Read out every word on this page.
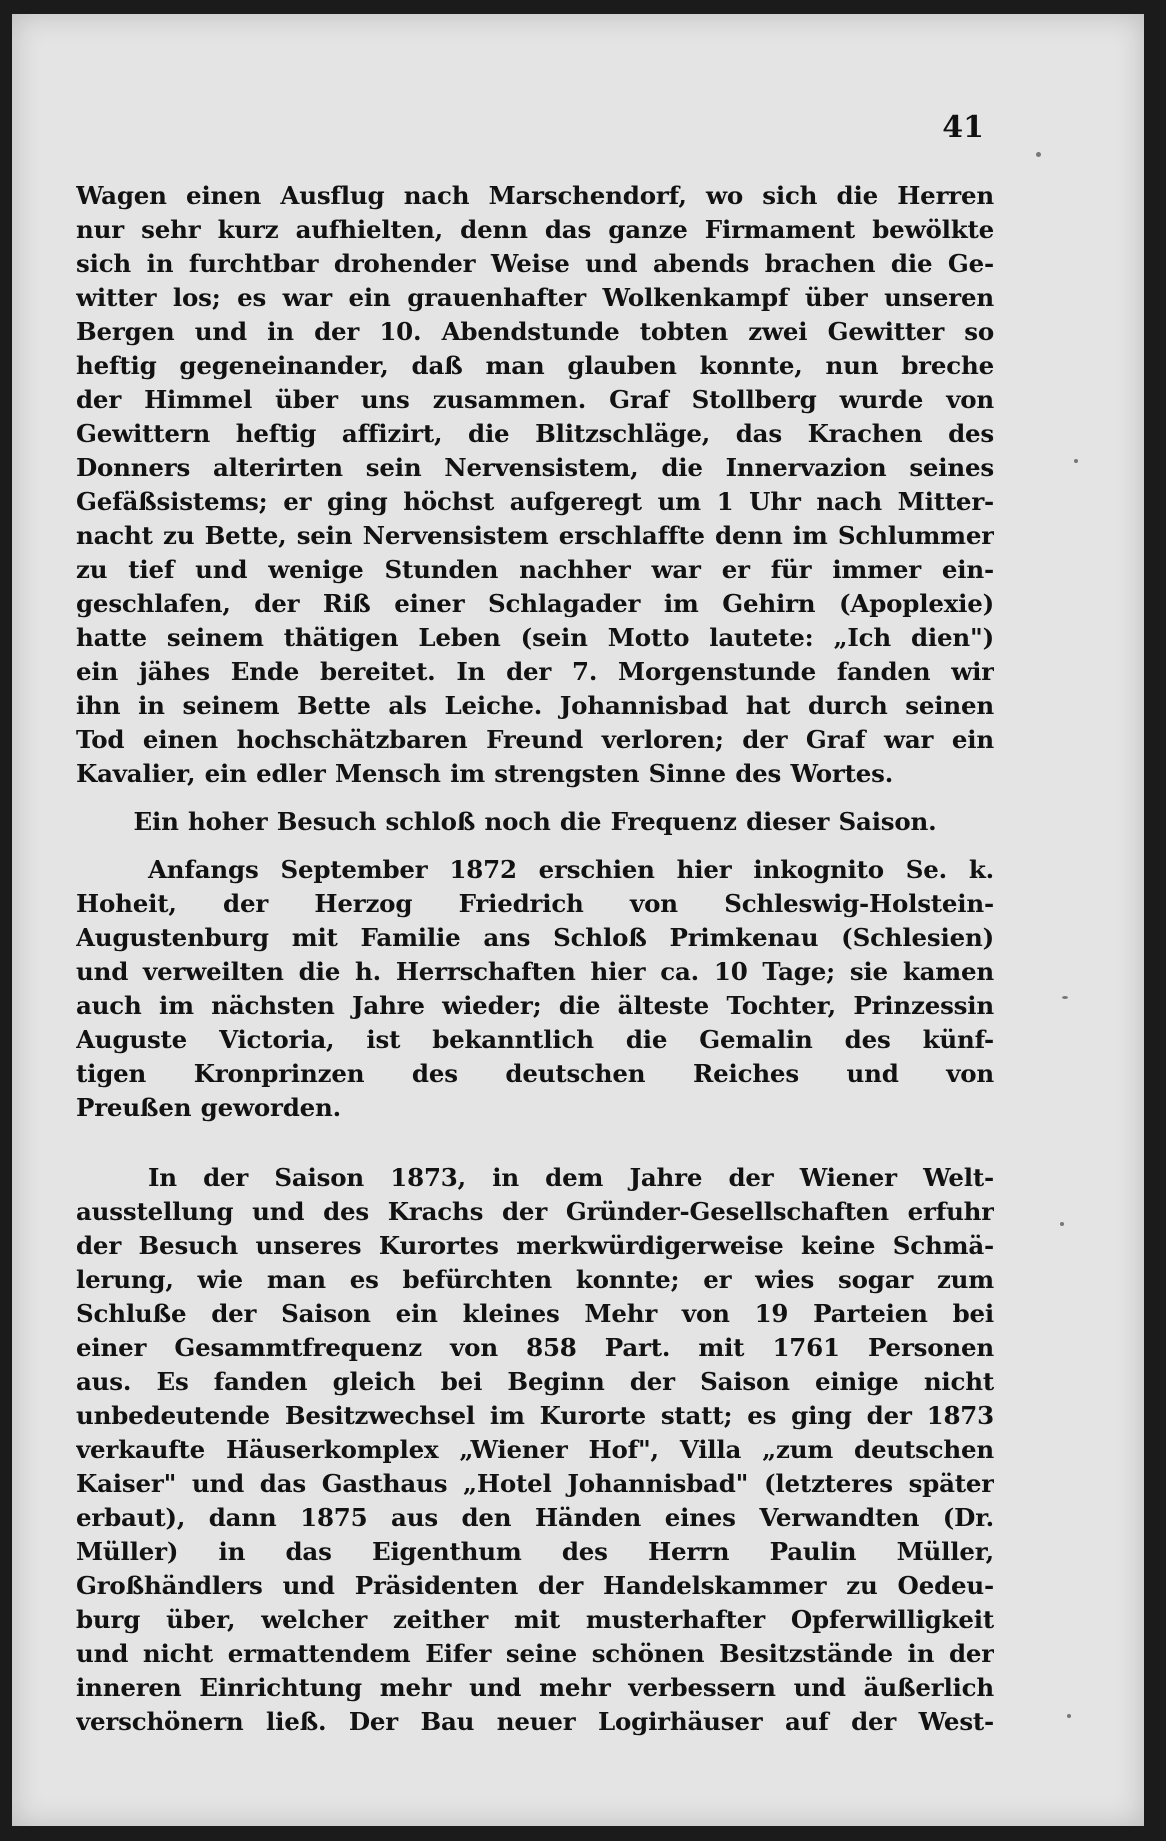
41
Wagen einen Ausflug nach Marschendorf, wo sich die Herren
nur sehr kurz aufhielten, denn das ganze Firmament bewölkte
sich in furchtbar drohender Weise und abends brachen die Ge-
witter los; es war ein grauenhafter Wolkenkampf über unseren
Bergen und in der 10. Abendstunde tobten zwei Gewitter so
heftig gegeneinander, daß man glauben konnte, nun breche
der Himmel über uns zusammen. Graf Stollberg wurde von
Gewittern heftig affizirt, die Blitzschläge, das Krachen des
Donners alterirten sein Nervensistem, die Innervazion seines
Gefäßsistems; er ging höchst aufgeregt um 1 Uhr nach Mitter-
nacht zu Bette, sein Nervensistem erschlaffte denn im Schlummer
zu tief und wenige Stunden nachher war er für immer ein-
geschlafen, der Riß einer Schlagader im Gehirn (Apoplexie)
hatte seinem thätigen Leben (sein Motto lautete: „Ich dien")
ein jähes Ende bereitet. In der 7. Morgenstunde fanden wir
ihn in seinem Bette als Leiche. Johannisbad hat durch seinen
Tod einen hochschätzbaren Freund verloren; der Graf war ein
Kavalier, ein edler Mensch im strengsten Sinne des Wortes.
Ein hoher Besuch schloß noch die Frequenz dieser Saison.
Anfangs September 1872 erschien hier inkognito Se. k.
Hoheit, der Herzog Friedrich von Schleswig-Holstein-
Augustenburg mit Familie ans Schloß Primkenau (Schlesien)
und verweilten die h. Herrschaften hier ca. 10 Tage; sie kamen
auch im nächsten Jahre wieder; die älteste Tochter, Prinzessin
Auguste Victoria, ist bekanntlich die Gemalin des künf-
tigen Kronprinzen des deutschen Reiches und von
Preußen geworden.
In der Saison 1873, in dem Jahre der Wiener Welt-
ausstellung und des Krachs der Gründer-Gesellschaften erfuhr
der Besuch unseres Kurortes merkwürdigerweise keine Schmä-
lerung, wie man es befürchten konnte; er wies sogar zum
Schluße der Saison ein kleines Mehr von 19 Parteien bei
einer Gesammtfrequenz von 858 Part. mit 1761 Personen
aus. Es fanden gleich bei Beginn der Saison einige nicht
unbedeutende Besitzwechsel im Kurorte statt; es ging der 1873
verkaufte Häuserkomplex „Wiener Hof", Villa „zum deutschen
Kaiser" und das Gasthaus „Hotel Johannisbad" (letzteres später
erbaut), dann 1875 aus den Händen eines Verwandten (Dr.
Müller) in das Eigenthum des Herrn Paulin Müller,
Großhändlers und Präsidenten der Handelskammer zu Oedeu-
burg über, welcher zeither mit musterhafter Opferwilligkeit
und nicht ermattendem Eifer seine schönen Besitzstände in der
inneren Einrichtung mehr und mehr verbessern und äußerlich
verschönern ließ. Der Bau neuer Logirhäuser auf der West-
